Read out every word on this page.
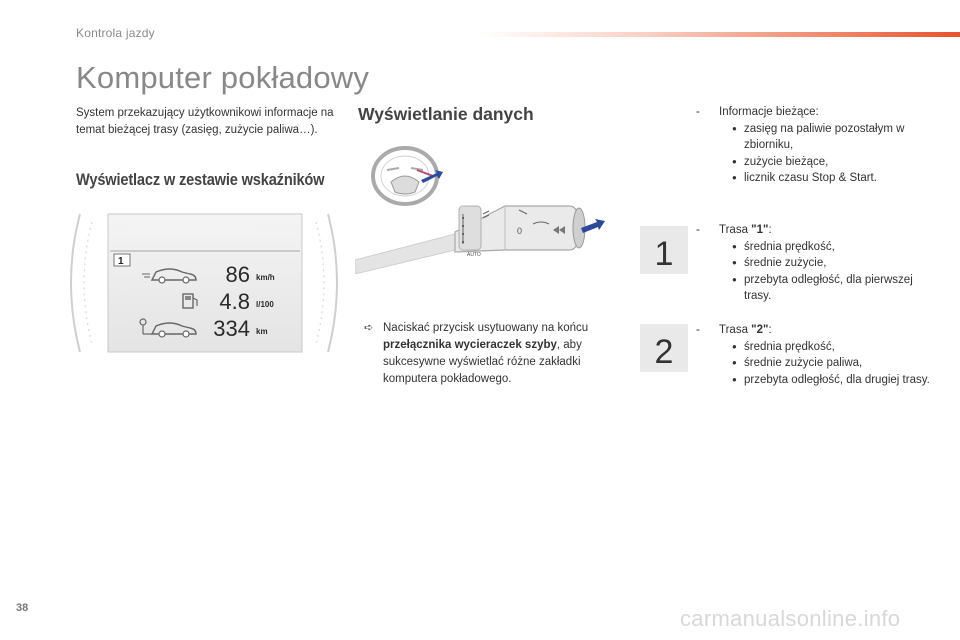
Kontrola jazdy
Komputer pokładowy

System przekazujący użytkownikowi informacje na temat bieżącej trasy (zasięg, zużycie paliwa…).

Wyświetlacz w zestawie wskaźników
1
86 km/h
4.8 l/100
334 km
Wyświetlanie danych
AUTO
0
➪ Naciskać przycisk usytuowany na końcu przełącznika wycieraczek szyby, aby sukcesywne wyświetlać różne zakładki komputera pokładowego.
- Informacje bieżące:
● zasięg na paliwie pozostałym w zbiorniku,
● zużycie bieżące,
● licznik czasu Stop & Start.
1
- Trasa "1":
● średnia prędkość,
● średnie zużycie,
● przebyta odległość, dla pierwszej trasy.
2
- Trasa "2":
● średnia prędkość,
● średnie zużycie paliwa,
● przebyta odległość, dla drugiej trasy.
38	carmanualsonline.info
